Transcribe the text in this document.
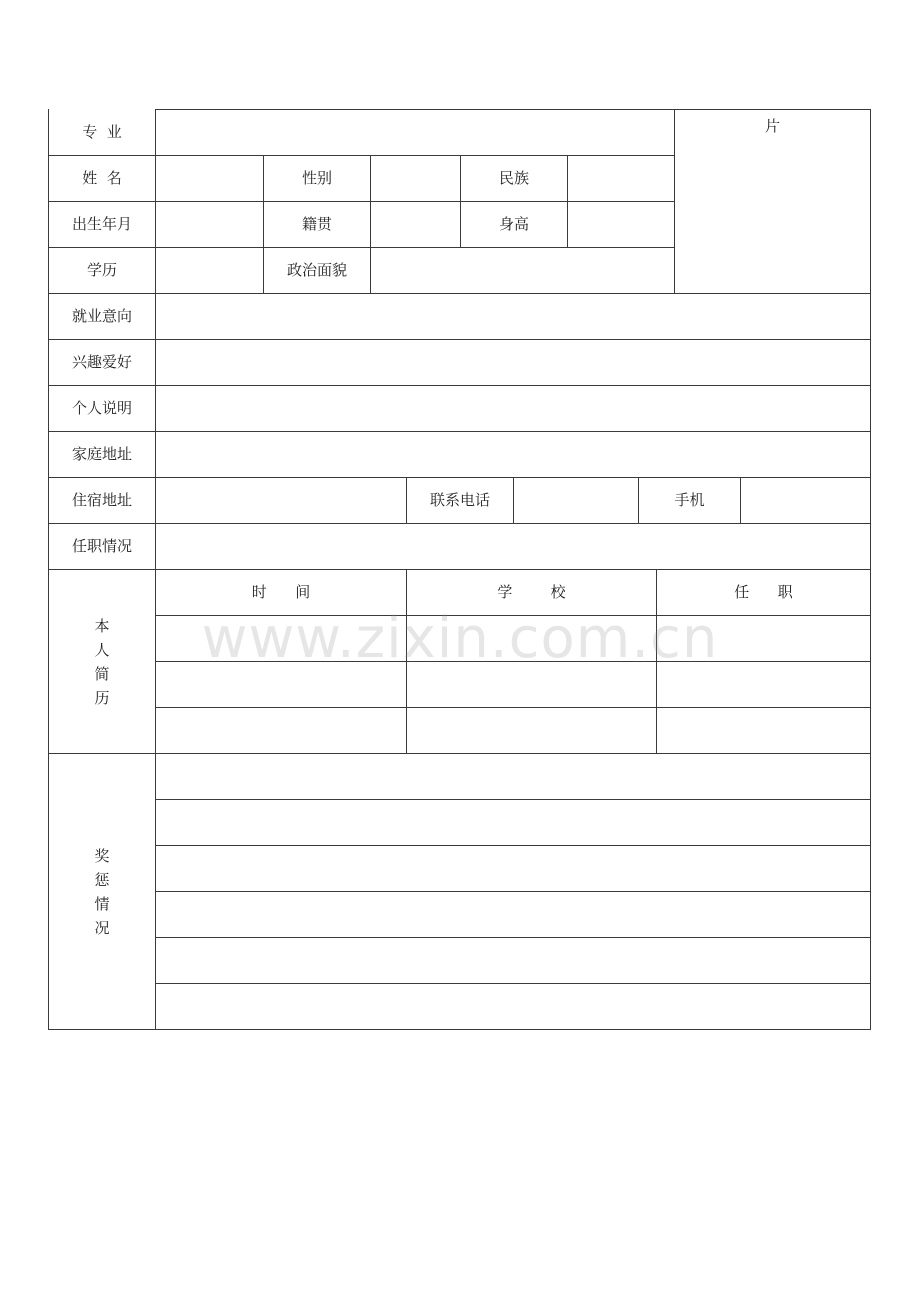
片
专  业
姓  名	性别	民族
出生年月	籍贯	身高
学历	政治面貌
就业意向
兴趣爱好
个人说明
家庭地址
住宿地址	联系电话	手机
任职情况
本
人
简
历
时      间	学        校	任      职
奖
惩
情
况
www.zixin.com.cn
